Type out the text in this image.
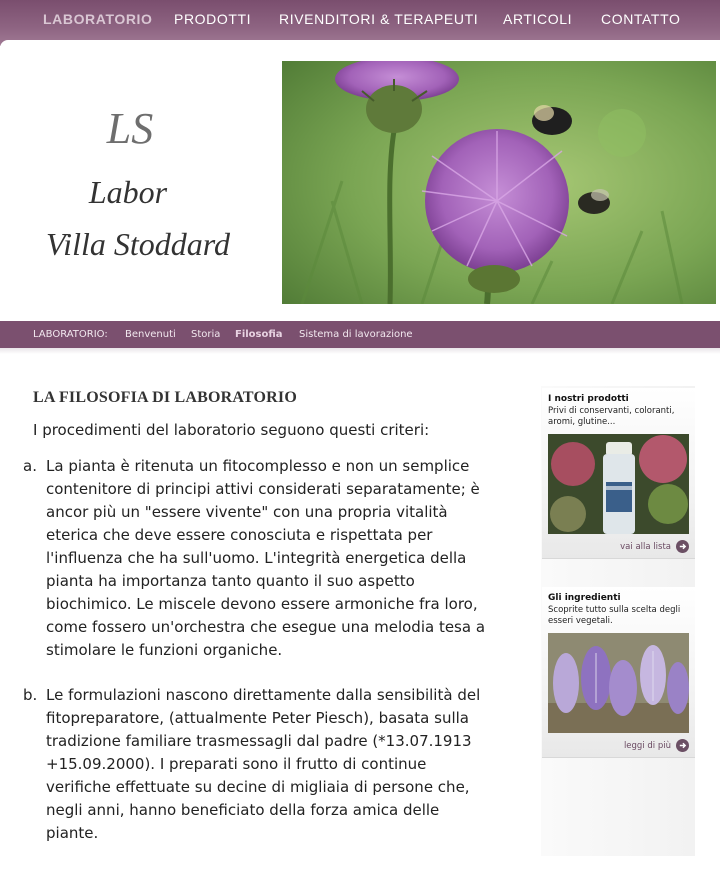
LABORATORIO PRODOTTI RIVENDITORI & TERAPEUTI ARTICOLI CONTATTO
LS
Labor
Villa Stoddard
LABORATORIO: Benvenuti Storia Filosofia Sistema di lavorazione
LA FILOSOFIA DI LABORATORIO

I procedimenti del laboratorio seguono questi criteri:

a. La pianta è ritenuta un fitocomplesso e non un semplice
contenitore di principi attivi considerati separatamente; è
ancor più un "essere vivente" con una propria vitalità
eterica che deve essere conosciuta e rispettata per
l'influenza che ha sull'uomo. L'integrità energetica della
pianta ha importanza tanto quanto il suo aspetto
biochimico. Le miscele devono essere armoniche fra loro,
come fossero un'orchestra che esegue una melodia tesa a
stimolare le funzioni organiche.
b. Le formulazioni nascono direttamente dalla sensibilità del
fitopreparatore, (attualmente Peter Piesch), basata sulla
tradizione familiare trasmessagli dal padre (*13.07.1913
+15.09.2000). I preparati sono il frutto di continue
verifiche effettuate su decine di migliaia di persone che,
negli anni, hanno beneficiato della forza amica delle
piante.
I nostri prodotti

Privi di conservanti, coloranti,
aromi, glutine...

vai alla lista
Gli ingredienti

Scoprite tutto sulla scelta degli
esseri vegetali.

leggi di più
